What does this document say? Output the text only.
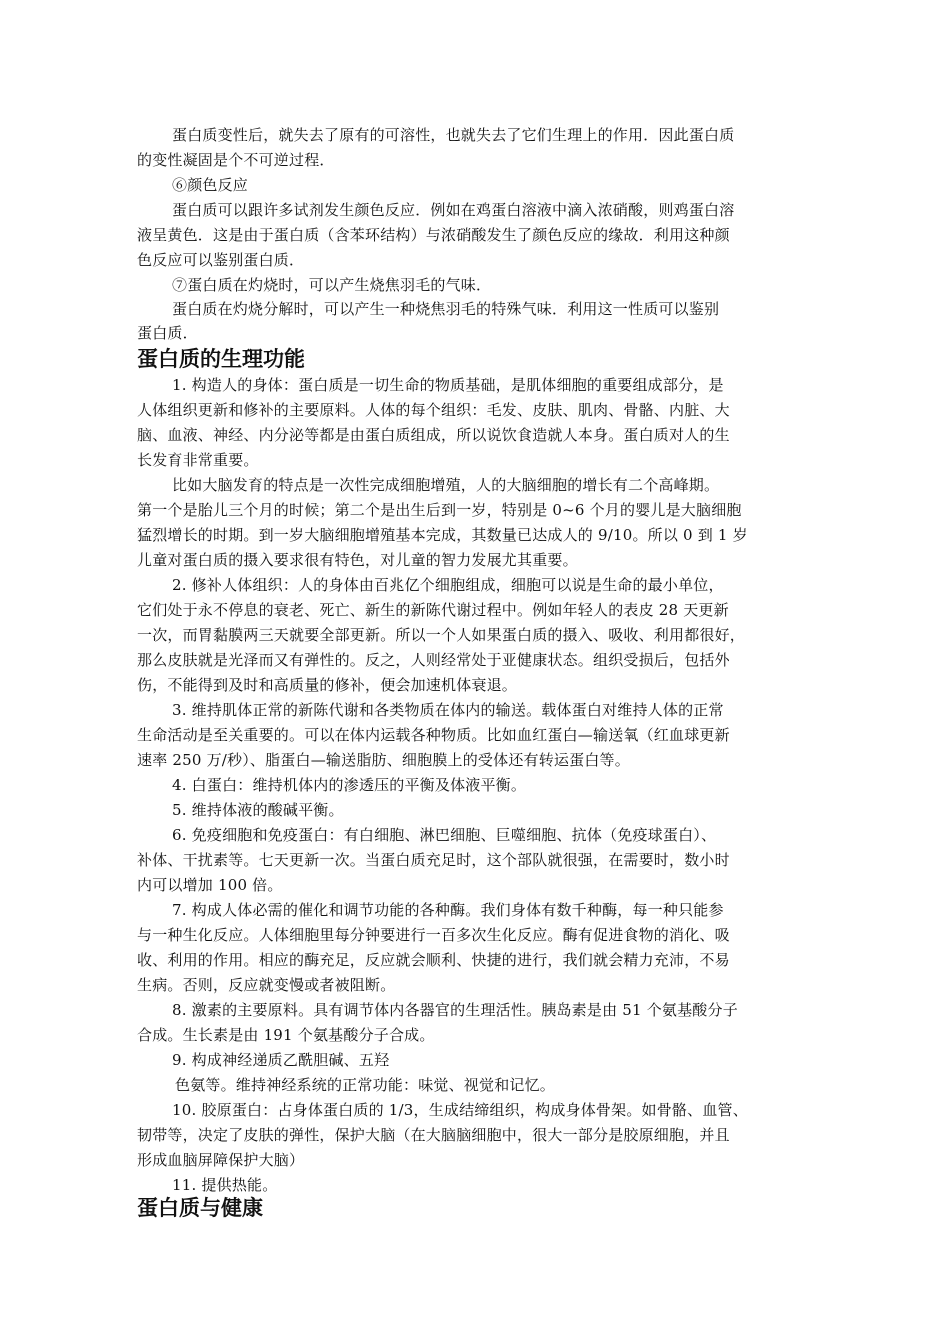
蛋白质变性后，就失去了原有的可溶性，也就失去了它们生理上的作用．因此蛋白质
的变性凝固是个不可逆过程．
⑥颜色反应
蛋白质可以跟许多试剂发生颜色反应．例如在鸡蛋白溶液中滴入浓硝酸，则鸡蛋白溶
液呈黄色．这是由于蛋白质（含苯环结构）与浓硝酸发生了颜色反应的缘故．利用这种颜
色反应可以鉴别蛋白质．
⑦蛋白质在灼烧时，可以产生烧焦羽毛的气味．
蛋白质在灼烧分解时，可以产生一种烧焦羽毛的特殊气味．利用这一性质可以鉴别
蛋白质．
蛋白质的生理功能
1. 构造人的身体：蛋白质是一切生命的物质基础，是肌体细胞的重要组成部分，是
人体组织更新和修补的主要原料。人体的每个组织：毛发、皮肤、肌肉、骨骼、内脏、大
脑、血液、神经、内分泌等都是由蛋白质组成，所以说饮食造就人本身。蛋白质对人的生
长发育非常重要。
比如大脑发育的特点是一次性完成细胞增殖，人的大脑细胞的增长有二个高峰期。
第一个是胎儿三个月的时候；第二个是出生后到一岁，特别是 0~6 个月的婴儿是大脑细胞
猛烈增长的时期。到一岁大脑细胞增殖基本完成，其数量已达成人的 9/10。所以 0 到 1 岁
儿童对蛋白质的摄入要求很有特色，对儿童的智力发展尤其重要。
2. 修补人体组织：人的身体由百兆亿个细胞组成，细胞可以说是生命的最小单位，
它们处于永不停息的衰老、死亡、新生的新陈代谢过程中。例如年轻人的表皮 28 天更新
一次，而胃黏膜两三天就要全部更新。所以一个人如果蛋白质的摄入、吸收、利用都很好，
那么皮肤就是光泽而又有弹性的。反之，人则经常处于亚健康状态。组织受损后，包括外
伤，不能得到及时和高质量的修补，便会加速机体衰退。
3. 维持肌体正常的新陈代谢和各类物质在体内的输送。载体蛋白对维持人体的正常
生命活动是至关重要的。可以在体内运载各种物质。比如血红蛋白—输送氧（红血球更新
速率 250 万/秒）、脂蛋白—输送脂肪、细胞膜上的受体还有转运蛋白等。
4. 白蛋白：维持机体内的渗透压的平衡及体液平衡。
5. 维持体液的酸碱平衡。
6. 免疫细胞和免疫蛋白：有白细胞、淋巴细胞、巨噬细胞、抗体（免疫球蛋白）、
补体、干扰素等。七天更新一次。当蛋白质充足时，这个部队就很强，在需要时，数小时
内可以增加 100 倍。
7. 构成人体必需的催化和调节功能的各种酶。我们身体有数千种酶，每一种只能参
与一种生化反应。人体细胞里每分钟要进行一百多次生化反应。酶有促进食物的消化、吸
收、利用的作用。相应的酶充足，反应就会顺利、快捷的进行，我们就会精力充沛，不易
生病。否则，反应就变慢或者被阻断。
8. 激素的主要原料。具有调节体内各器官的生理活性。胰岛素是由 51 个氨基酸分子
合成。生长素是由 191 个氨基酸分子合成。
9. 构成神经递质乙酰胆碱、五羟
色氨等。维持神经系统的正常功能：味觉、视觉和记忆。
10. 胶原蛋白：占身体蛋白质的 1/3，生成结缔组织，构成身体骨架。如骨骼、血管、
韧带等，决定了皮肤的弹性，保护大脑（在大脑脑细胞中，很大一部分是胶原细胞，并且
形成血脑屏障保护大脑）
11. 提供热能。
蛋白质与健康
